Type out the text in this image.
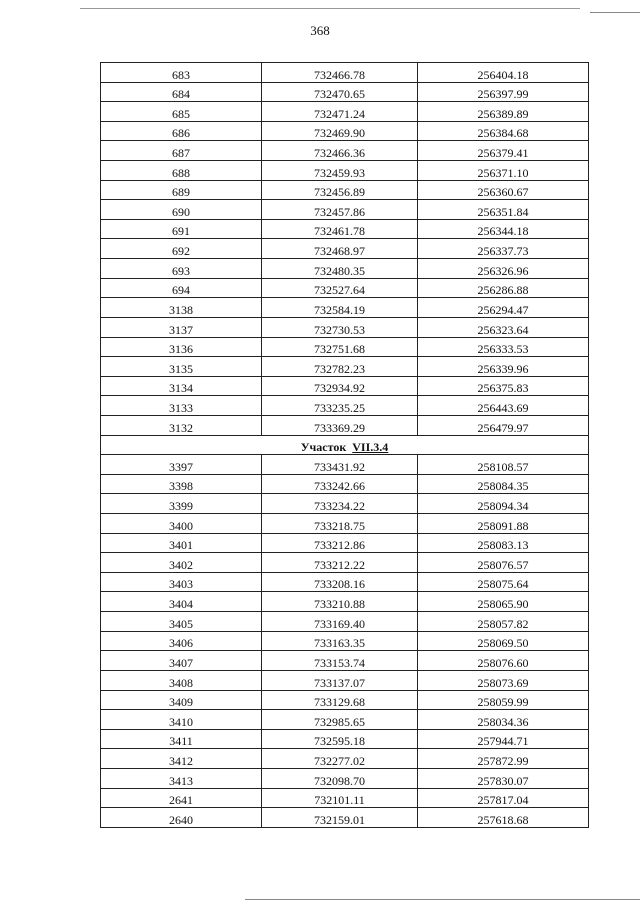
368
683	732466.78	256404.18
684	732470.65	256397.99
685	732471.24	256389.89
686	732469.90	256384.68
687	732466.36	256379.41
688	732459.93	256371.10
689	732456.89	256360.67
690	732457.86	256351.84
691	732461.78	256344.18
692	732468.97	256337.73
693	732480.35	256326.96
694	732527.64	256286.88
3138	732584.19	256294.47
3137	732730.53	256323.64
3136	732751.68	256333.53
3135	732782.23	256339.96
3134	732934.92	256375.83
3133	733235.25	256443.69
3132	733369.29	256479.97
Участок VII.3.4		
3397	733431.92	258108.57
3398	733242.66	258084.35
3399	733234.22	258094.34
3400	733218.75	258091.88
3401	733212.86	258083.13
3402	733212.22	258076.57
3403	733208.16	258075.64
3404	733210.88	258065.90
3405	733169.40	258057.82
3406	733163.35	258069.50
3407	733153.74	258076.60
3408	733137.07	258073.69
3409	733129.68	258059.99
3410	732985.65	258034.36
3411	732595.18	257944.71
3412	732277.02	257872.99
3413	732098.70	257830.07
2641	732101.11	257817.04
2640	732159.01	257618.68
